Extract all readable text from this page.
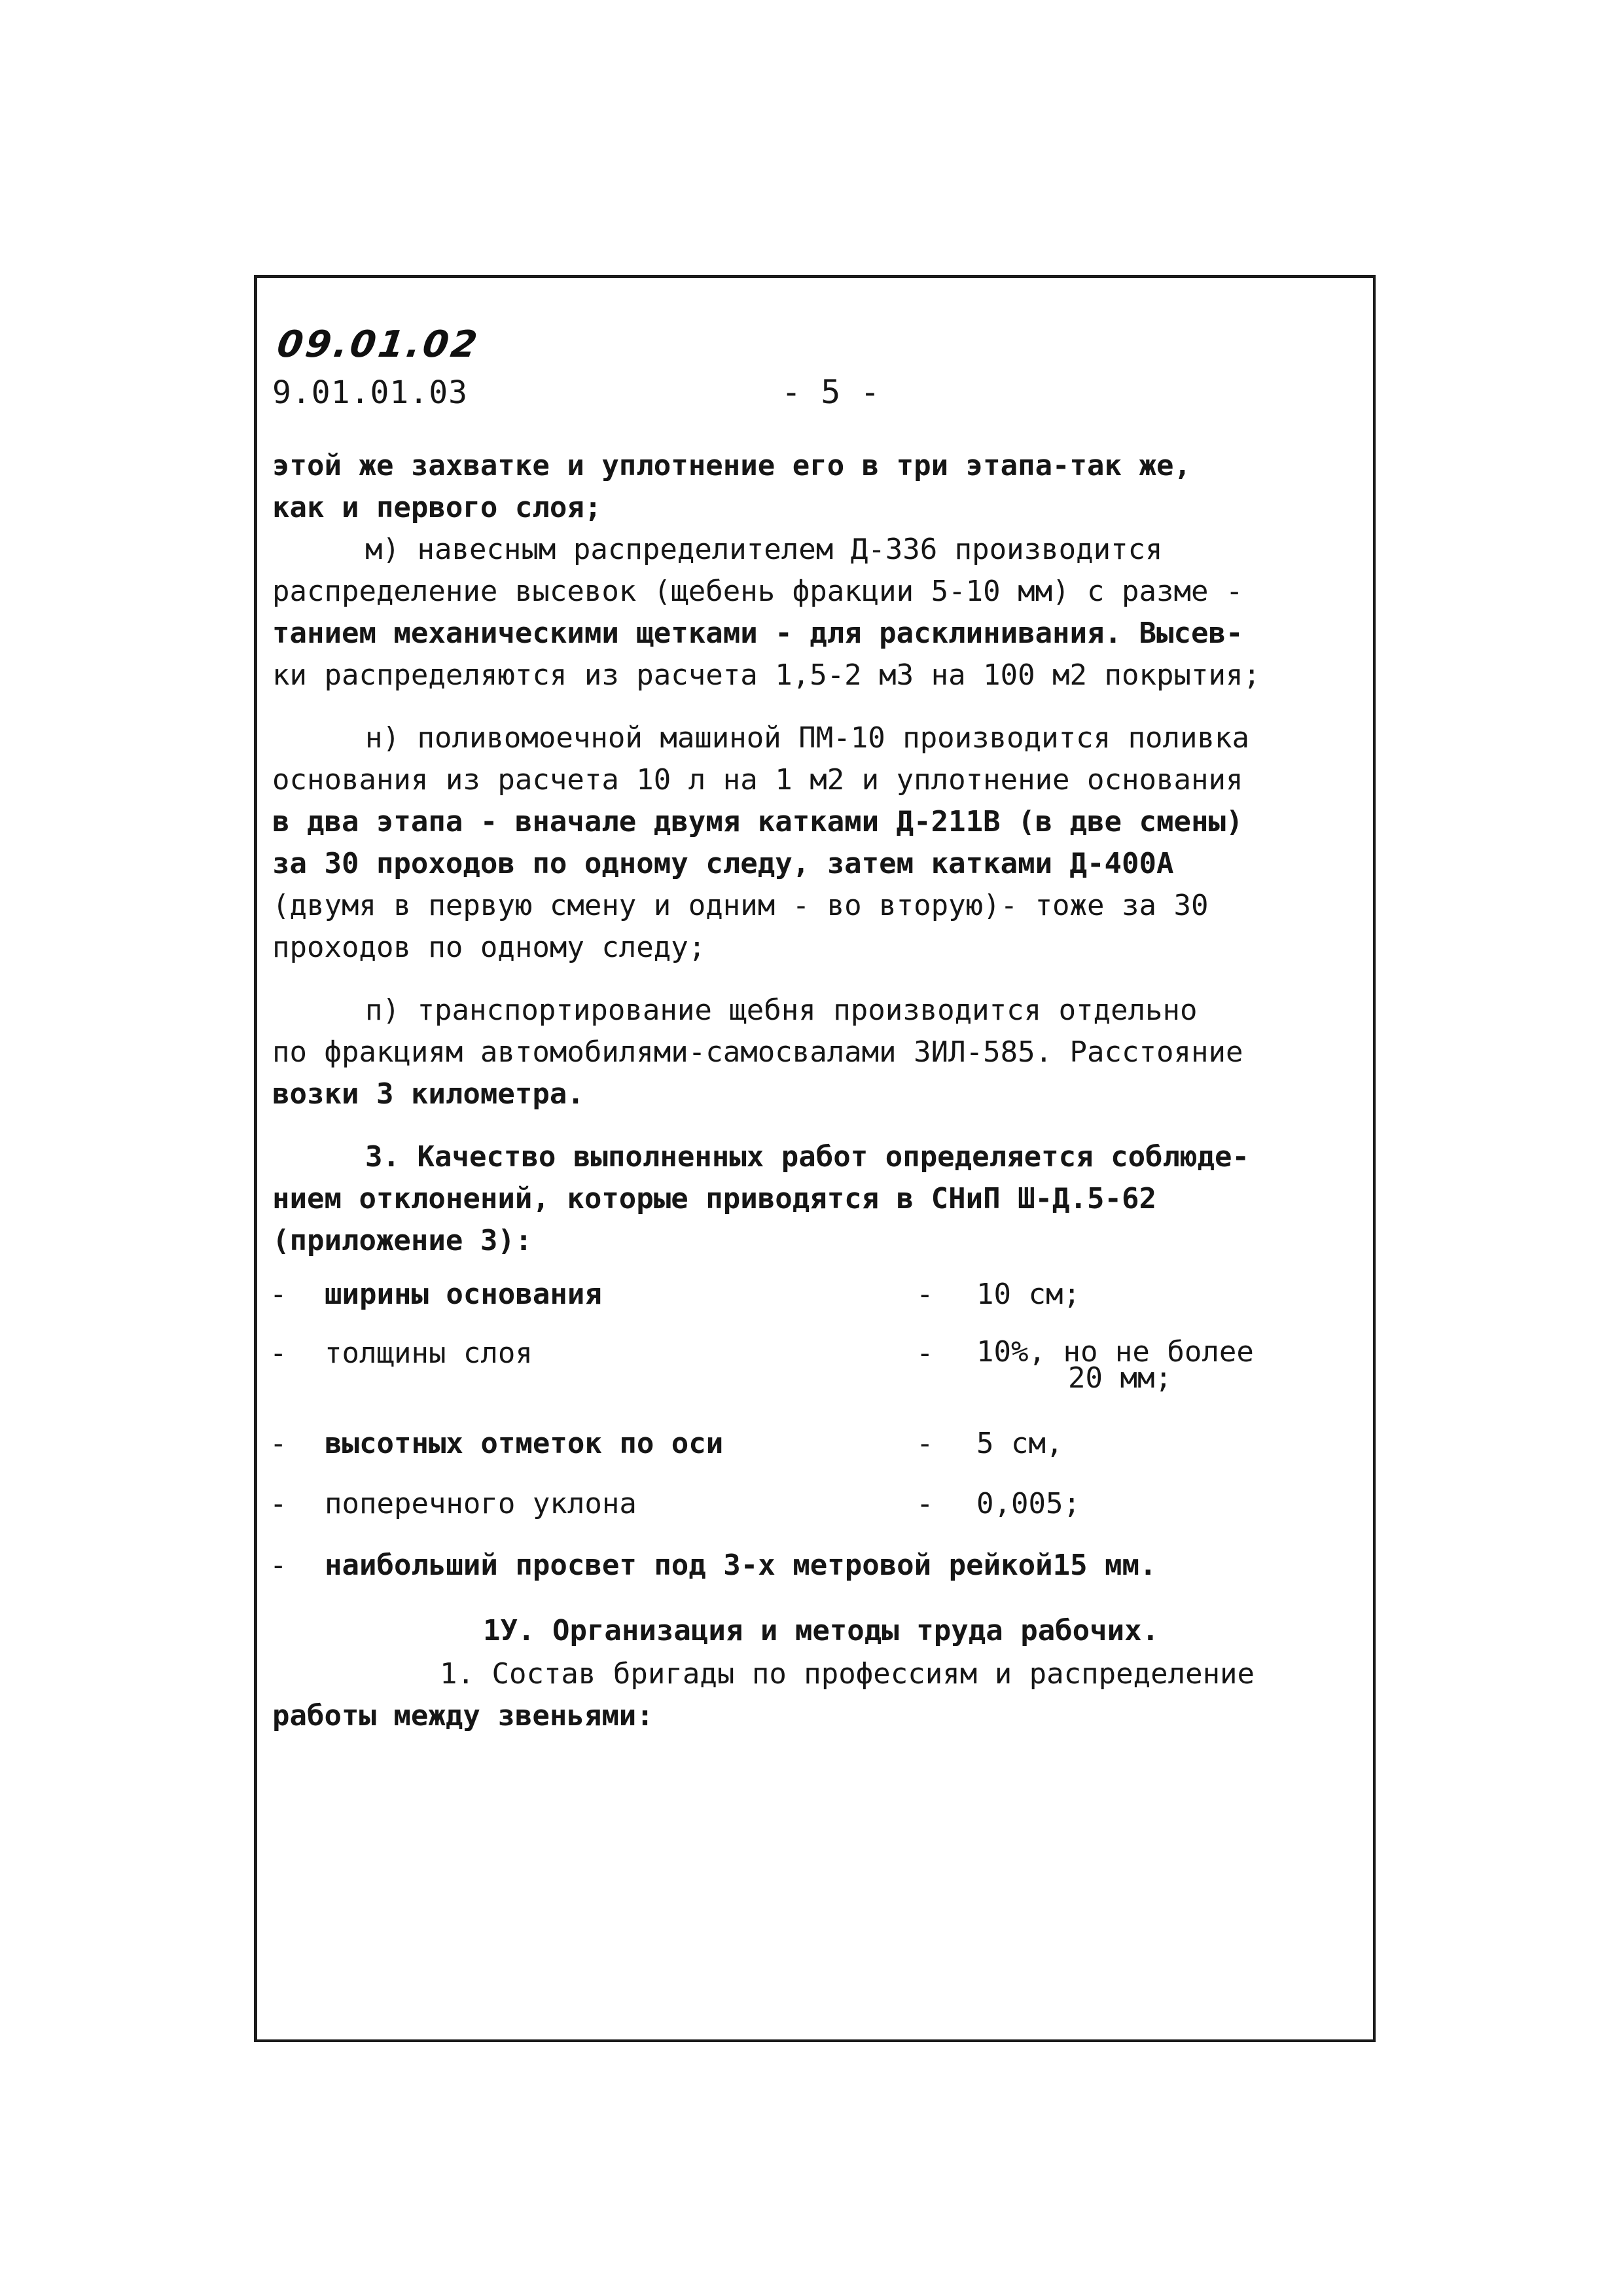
09.01.02
9.01.01.03	- 5 -
этой же захватке и уплотнение его в три этапа-так же,
как и первого слоя;
м) навесным распределителем Д-336 производится
распределение высевок (щебень фракции 5-10 мм) с разме -
танием механическими щетками - для расклинивания. Высев-
ки распределяются из расчета 1,5-2 м3 на 100 м2 покрытия;
н) поливомоечной машиной ПМ-10 производится поливка
основания из расчета 10 л на 1 м2 и уплотнение основания
в два этапа - вначале двумя катками Д-211В (в две смены)
за 30 проходов по одному следу, затем катками Д-400А
(двумя в первую смену и одним - во вторую)- тоже за 30
проходов по одному следу;
п) транспортирование щебня производится отдельно
по фракциям автомобилями-самосвалами ЗИЛ-585. Расстояние
возки 3 километра.
3. Качество выполненных работ определяется соблюде-
нием отклонений, которые приводятся в СНиП Ш-Д.5-62
(приложение 3):
- ширины основания	- 10 см;
- толщины слоя	- 10%, но не более
20 мм;
- высотных отметок по оси	- 5 см,
- поперечного уклона	- 0,005;
- наибольший просвет под 3-х метровой рейкой15 мм.
1У. Организация и методы труда рабочих.
1. Состав бригады по профессиям и распределение
работы между звеньями:
